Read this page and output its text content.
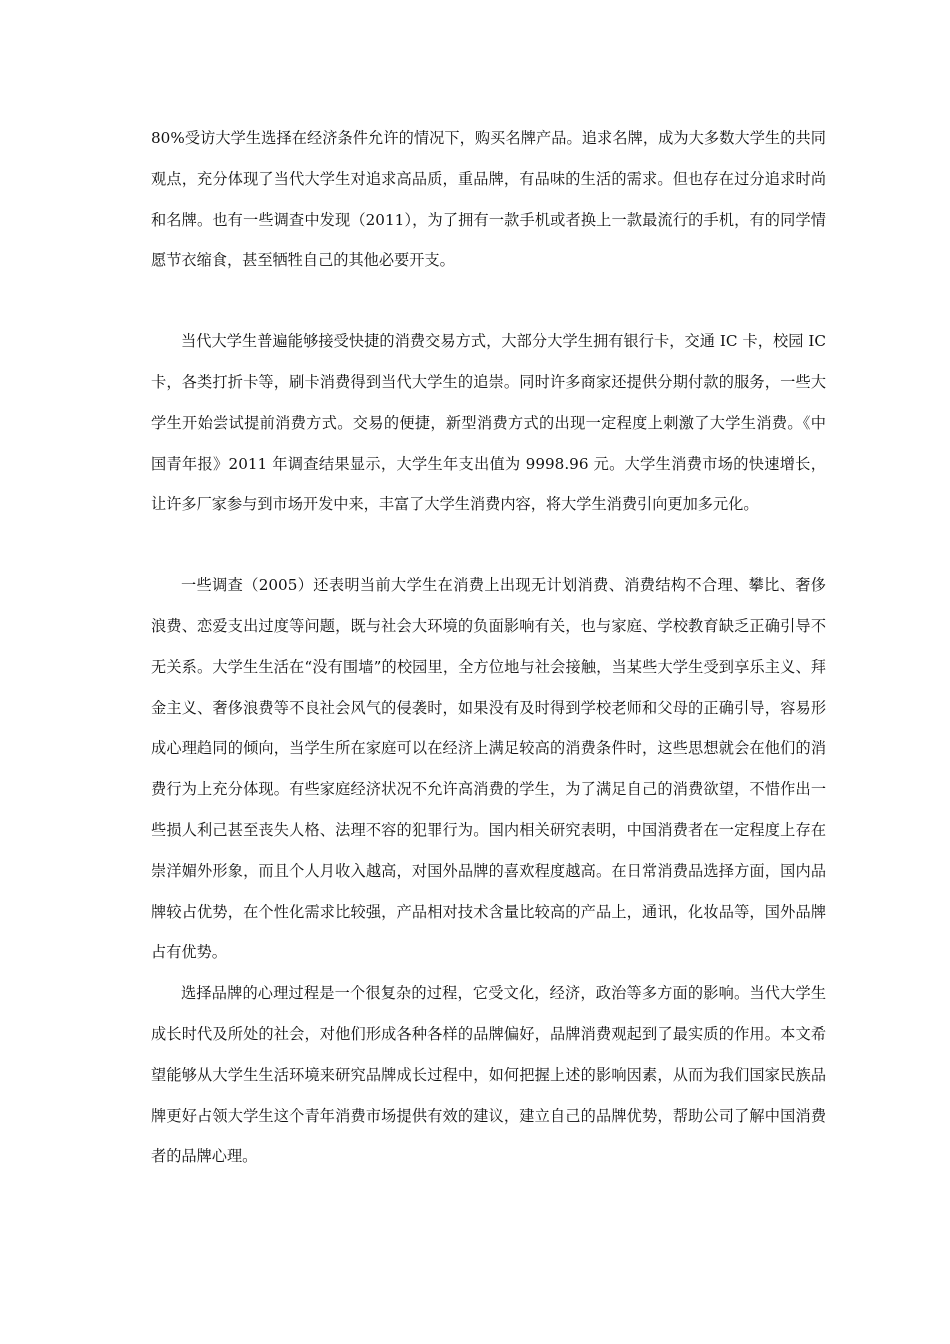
80%受访大学生选择在经济条件允许的情况下，购买名牌产品。追求名牌，成为大多数大学生的共同观点，充分体现了当代大学生对追求高品质，重品牌，有品味的生活的需求。但也存在过分追求时尚和名牌。也有一些调查中发现（2011），为了拥有一款手机或者换上一款最流行的手机，有的同学情愿节衣缩食，甚至牺牲自己的其他必要开支。

当代大学生普遍能够接受快捷的消费交易方式，大部分大学生拥有银行卡，交通 IC 卡，校园 IC 卡，各类打折卡等，刷卡消费得到当代大学生的追崇。同时许多商家还提供分期付款的服务，一些大学生开始尝试提前消费方式。交易的便捷，新型消费方式的出现一定程度上刺激了大学生消费。《中国青年报》2011 年调查结果显示，大学生年支出值为 9998.96 元。大学生消费市场的快速增长，让许多厂家参与到市场开发中来，丰富了大学生消费内容，将大学生消费引向更加多元化。

一些调查（2005）还表明当前大学生在消费上出现无计划消费、消费结构不合理、攀比、奢侈浪费、恋爱支出过度等问题，既与社会大环境的负面影响有关，也与家庭、学校教育缺乏正确引导不无关系。大学生生活在“没有围墙”的校园里，全方位地与社会接触，当某些大学生受到享乐主义、拜金主义、奢侈浪费等不良社会风气的侵袭时，如果没有及时得到学校老师和父母的正确引导，容易形成心理趋同的倾向，当学生所在家庭可以在经济上满足较高的消费条件时，这些思想就会在他们的消费行为上充分体现。有些家庭经济状况不允许高消费的学生，为了满足自己的消费欲望，不惜作出一些损人利己甚至丧失人格、法理不容的犯罪行为。国内相关研究表明，中国消费者在一定程度上存在崇洋媚外形象，而且个人月收入越高，对国外品牌的喜欢程度越高。在日常消费品选择方面，国内品牌较占优势，在个性化需求比较强，产品相对技术含量比较高的产品上，通讯，化妆品等，国外品牌占有优势。

选择品牌的心理过程是一个很复杂的过程，它受文化，经济，政治等多方面的影响。当代大学生成长时代及所处的社会，对他们形成各种各样的品牌偏好，品牌消费观起到了最实质的作用。本文希望能够从大学生生活环境来研究品牌成长过程中，如何把握上述的影响因素，从而为我们国家民族品牌更好占领大学生这个青年消费市场提供有效的建议，建立自己的品牌优势，帮助公司了解中国消费者的品牌心理。
